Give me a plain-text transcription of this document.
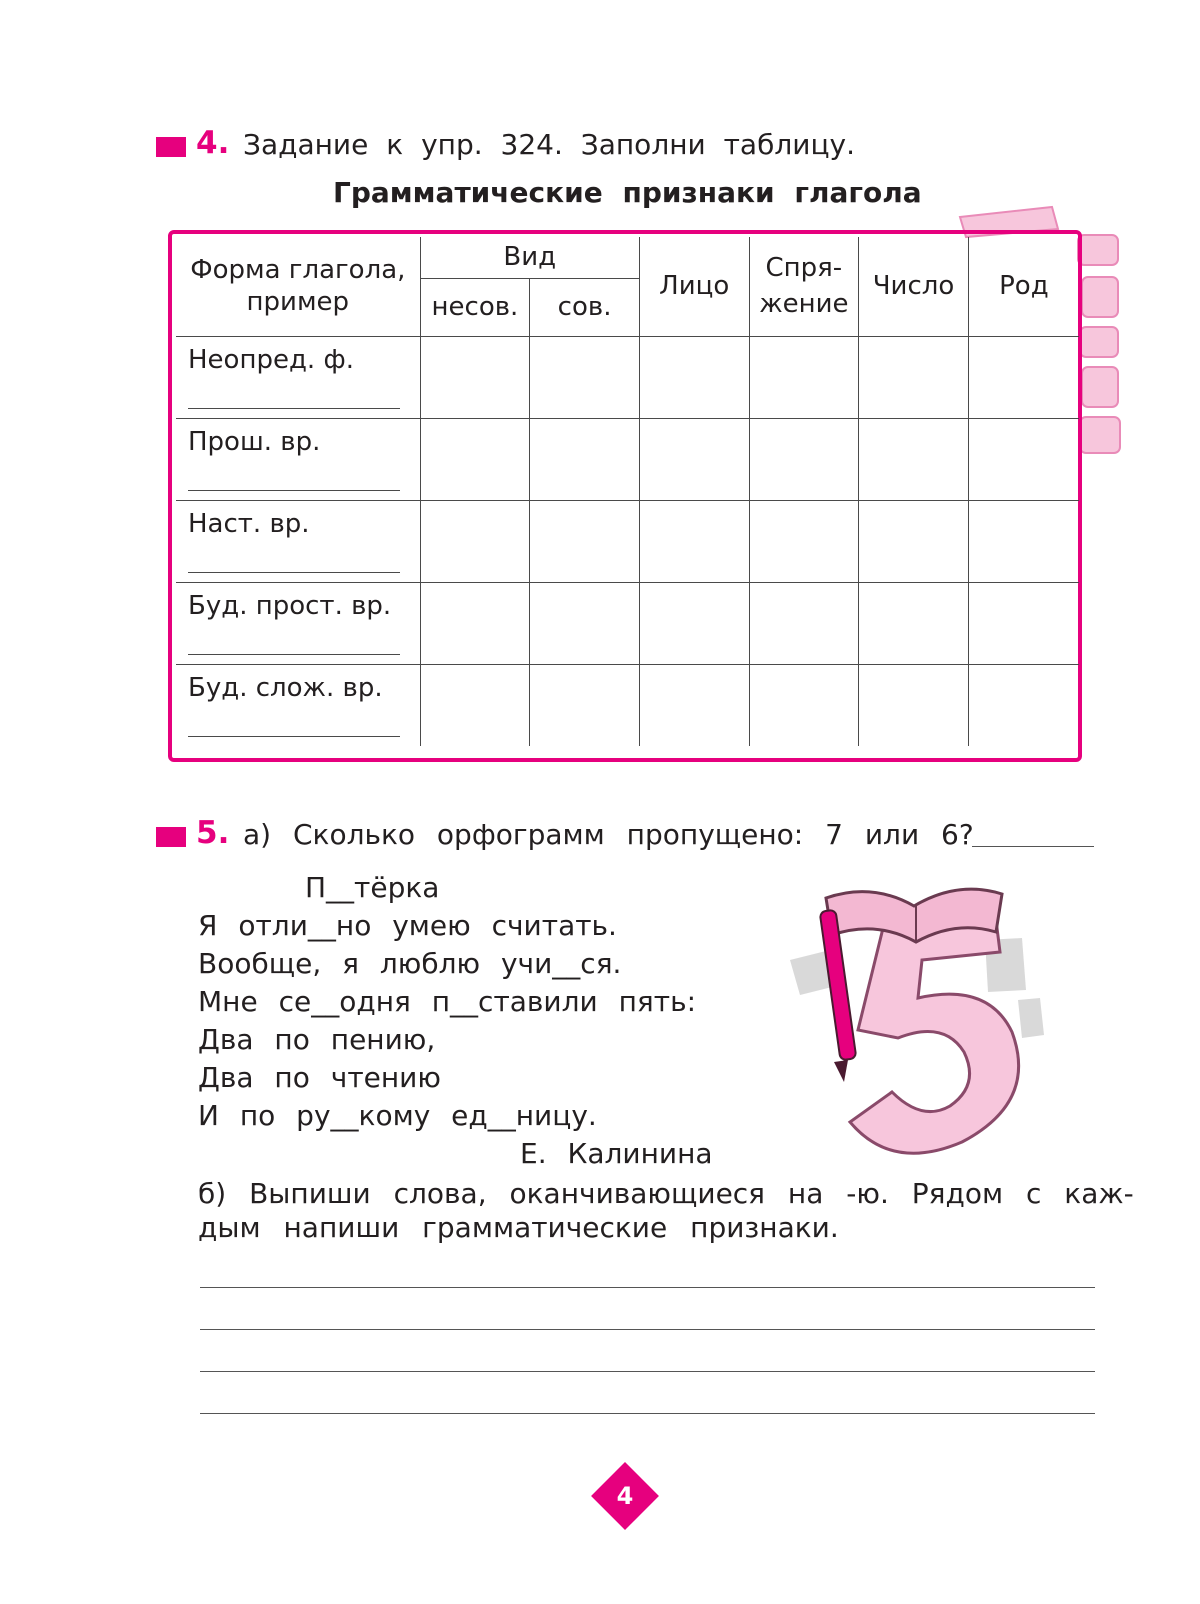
4. Задание к упр. 324. Заполни таблицу.
Грамматические признаки глагола
Форма глагола, пример	Вид		Лицо	Спря- жение	Число	Род
	несов.	сов.				
Неопред. ф.

Прош. вр.

Наст. вр.

Буд. прост. вр.

Буд. слож. вр.

5. а) Сколько орфограмм пропущено: 7 или 6?
П__тёрка
Я отли__но умею считать.
Вообще, я люблю учи__ся.
Мне се__одня п__ставили пять:
Два по пению,
Два по чтению
И по ру__кому ед__ницу.
Е. Калинина
б) Выпиши слова, оканчивающиеся на -ю. Рядом с каж-
дым напиши грамматические признаки.
4
